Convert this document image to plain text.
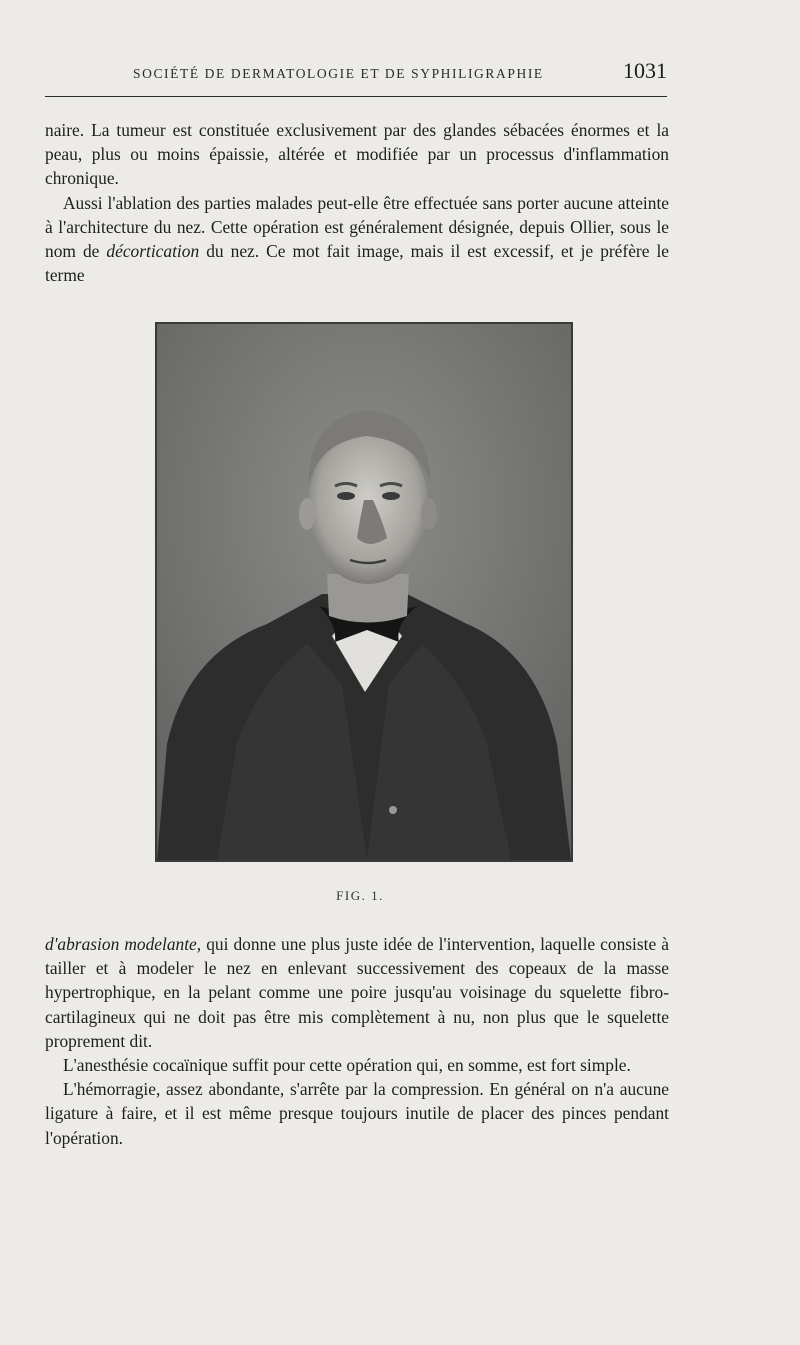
SOCIÉTÉ DE DERMATOLOGIE ET DE SYPHILIGRAPHIE	1031

naire. La tumeur est constituée exclusivement par des glandes sébacées énormes et la peau, plus ou moins épaissie, altérée et modifiée par un processus d'inflammation chronique.

Aussi l'ablation des parties malades peut-elle être effectuée sans porter aucune atteinte à l'architecture du nez. Cette opération est généralement désignée, depuis Ollier, sous le nom de décortication du nez. Ce mot fait image, mais il est excessif, et je préfère le terme

FIG. 1.

d'abrasion modelante, qui donne une plus juste idée de l'intervention, laquelle consiste à tailler et à modeler le nez en enlevant successivement des copeaux de la masse hypertrophique, en la pelant comme une poire jusqu'au voisinage du squelette fibro-cartilagineux qui ne doit pas être mis complètement à nu, non plus que le squelette proprement dit.

L'anesthésie cocaïnique suffit pour cette opération qui, en somme, est fort simple.

L'hémorragie, assez abondante, s'arrête par la compression. En général on n'a aucune ligature à faire, et il est même presque toujours inutile de placer des pinces pendant l'opération.
